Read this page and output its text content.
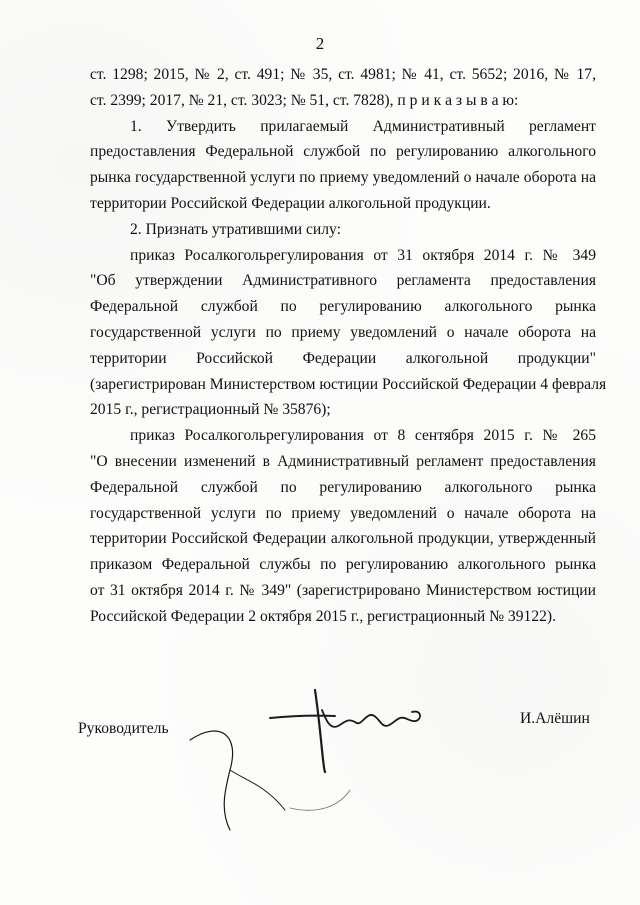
2
ст. 1298; 2015, № 2, ст. 491; № 35, ст. 4981; № 41, ст. 5652; 2016, № 17,
ст. 2399; 2017, № 21, ст. 3023; № 51, ст. 7828), п р и к а з ы в а ю:
1. Утвердить прилагаемый Административный регламент
предоставления Федеральной службой по регулированию алкогольного
рынка государственной услуги по приему уведомлений о начале оборота на
территории Российской Федерации алкогольной продукции.
2. Признать утратившими силу:
приказ Росалкогольрегулирования от 31 октября 2014 г. № 349
"Об утверждении Административного регламента предоставления
Федеральной службой по регулированию алкогольного рынка
государственной услуги по приему уведомлений о начале оборота на
территории Российской Федерации алкогольной продукции"
(зарегистрирован Министерством юстиции Российской Федерации 4 февраля
2015 г., регистрационный № 35876);
приказ Росалкогольрегулирования от 8 сентября 2015 г. № 265
"О внесении изменений в Административный регламент предоставления
Федеральной службой по регулированию алкогольного рынка
государственной услуги по приему уведомлений о начале оборота на
территории Российской Федерации алкогольной продукции, утвержденный
приказом Федеральной службы по регулированию алкогольного рынка
от 31 октября 2014 г. № 349" (зарегистрировано Министерством юстиции
Российской Федерации 2 октября 2015 г., регистрационный № 39122).
Руководитель
И.Алёшин
